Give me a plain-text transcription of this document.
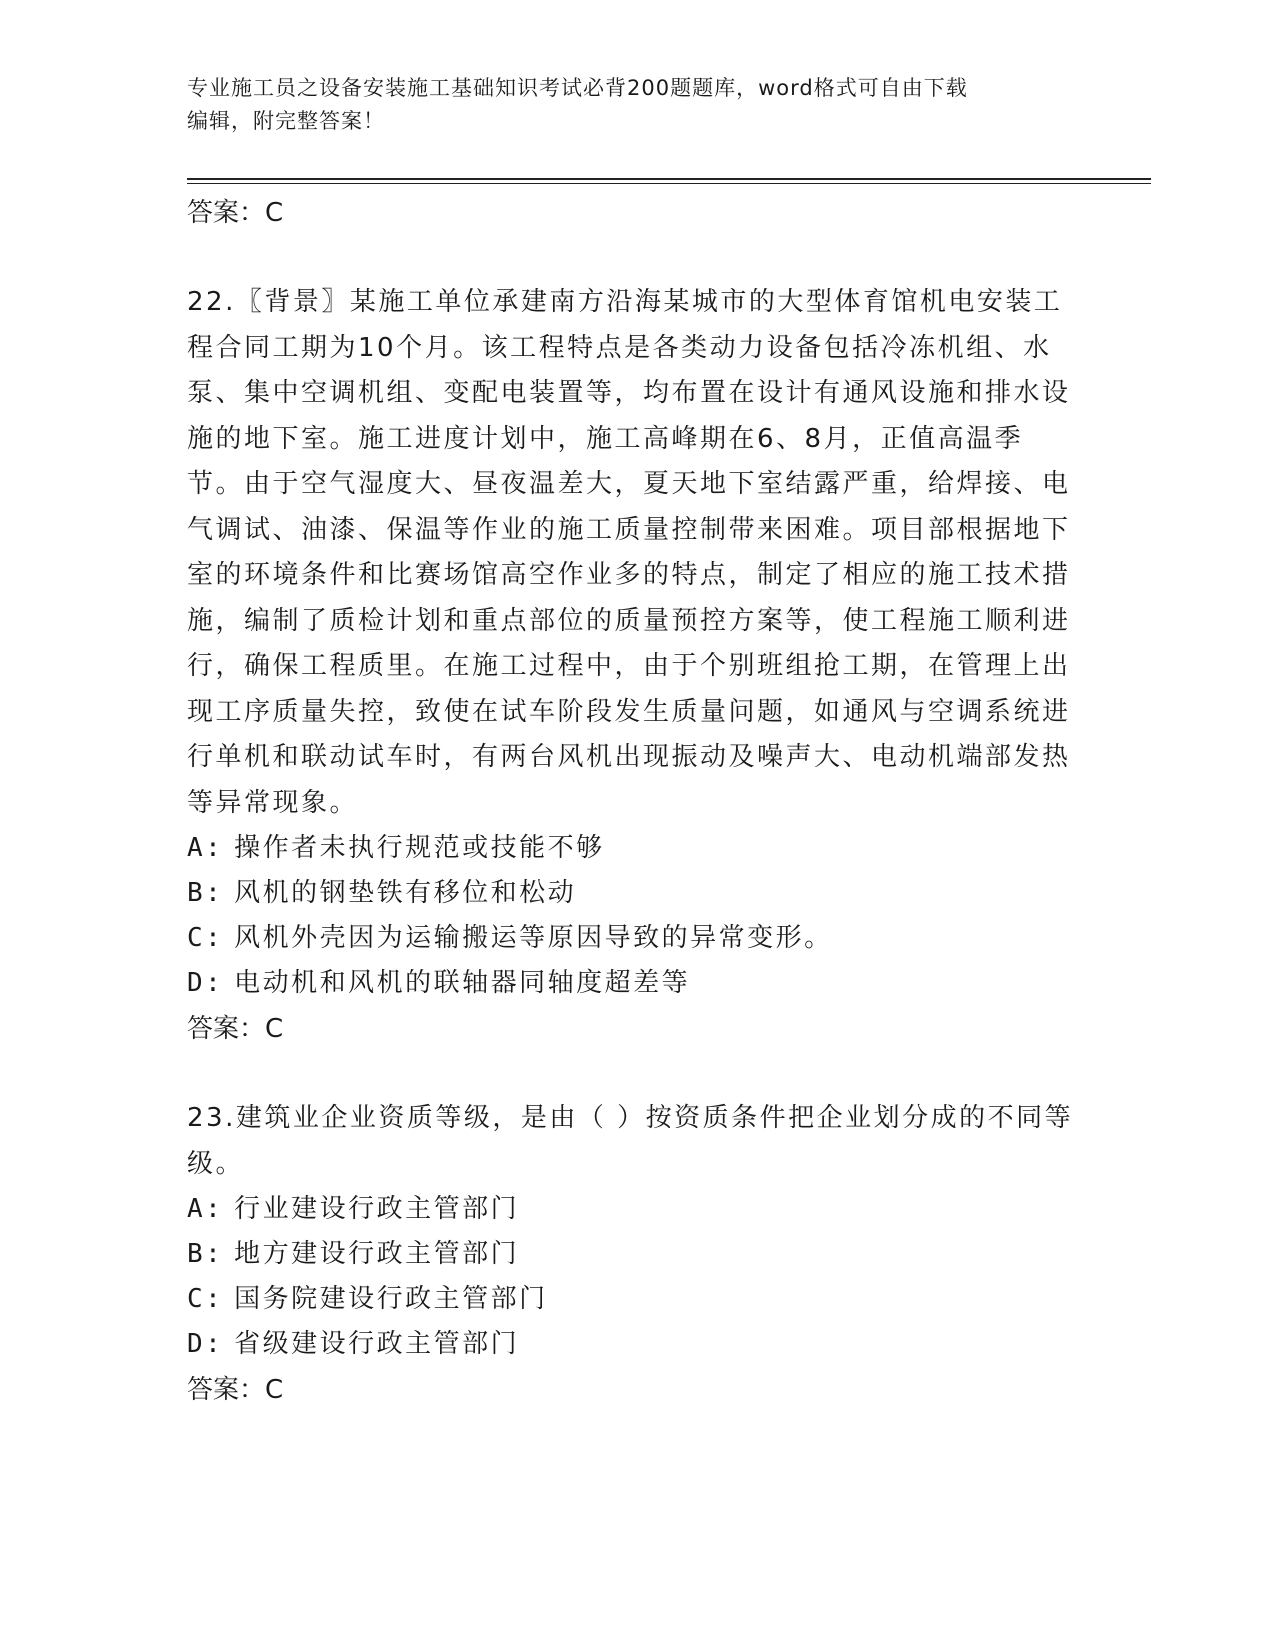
专业施工员之设备安装施工基础知识考试必背200题题库，word格式可自由下载
编辑，附完整答案！

答案：C

22.〖背景〗某施工单位承建南方沿海某城市的大型体育馆机电安装工程合同工期为10个月。该工程特点是各类动力设备包括冷冻机组、水泵、集中空调机组、变配电装置等，均布置在设计有通风设施和排水设施的地下室。施工进度计划中，施工高峰期在6、8月，正值高温季节。由于空气湿度大、昼夜温差大，夏天地下室结露严重，给焊接、电气调试、油漆、保温等作业的施工质量控制带来困难。项目部根据地下室的环境条件和比赛场馆高空作业多的特点，制定了相应的施工技术措施，编制了质检计划和重点部位的质量预控方案等，使工程施工顺利进行，确保工程质里。在施工过程中，由于个别班组抢工期，在管理上出现工序质量失控，致使在试车阶段发生质量问题，如通风与空调系统进行单机和联动试车时，有两台风机出现振动及噪声大、电动机端部发热等异常现象。

A: 操作者未执行规范或技能不够

B: 风机的钢垫铁有移位和松动

C: 风机外壳因为运输搬运等原因导致的异常变形。

D: 电动机和风机的联轴器同轴度超差等

答案：C

23.建筑业企业资质等级，是由（ ）按资质条件把企业划分成的不同等级。

A: 行业建设行政主管部门

B: 地方建设行政主管部门

C: 国务院建设行政主管部门

D: 省级建设行政主管部门

答案：C
